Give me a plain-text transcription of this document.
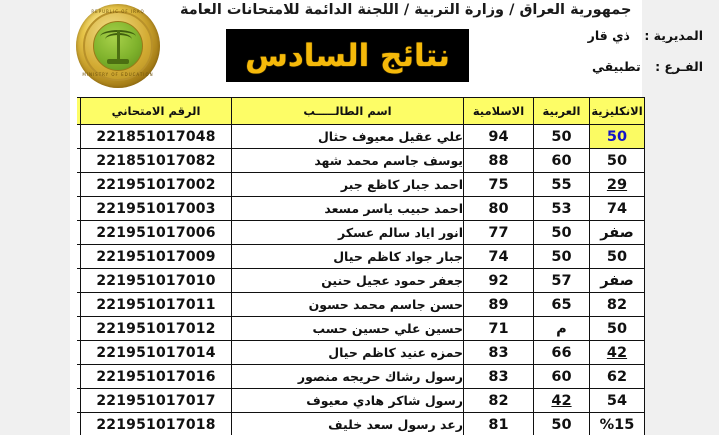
جمهورية العراق / وزارة التربية / اللجنة الدائمة للامتحانات العامة
REPUBLIC OF IRAQ
MINISTRY OF EDUCATION
نتائج السادس
المديرية : ذي قار
الفـرع : تطبيقي
الانكليزية	العربية	الاسلامية	اسم الطالـــــب	الرقم الامتحاني	
50	50	94	علي عقيل معيوف حثال	221851017048	
50	60	88	يوسف جاسم محمد شهد	221851017082	
29	55	75	احمد جبار كاظع جبر	221951017002	
74	53	80	احمد حبيب ياسر مسعد	221951017003	
صفر	50	77	انور اياد سالم عسكر	221951017006	
50	50	74	جبار جواد كاظم حيال	221951017009	
صفر	57	92	جعفر حمود عجيل حنين	221951017010	
82	65	89	حسن جاسم محمد حسون	221951017011	
50	م	71	حسين علي حسين حسب	221951017012	
42	66	83	حمزه عنيد كاظم حيال	221951017014	
62	60	83	رسول رشاك حريجه منصور	221951017016	
54	42	82	رسول شاكر هادي معيوف	221951017017	
%15	50	81	رعد رسول سعد خليف	221951017018	
